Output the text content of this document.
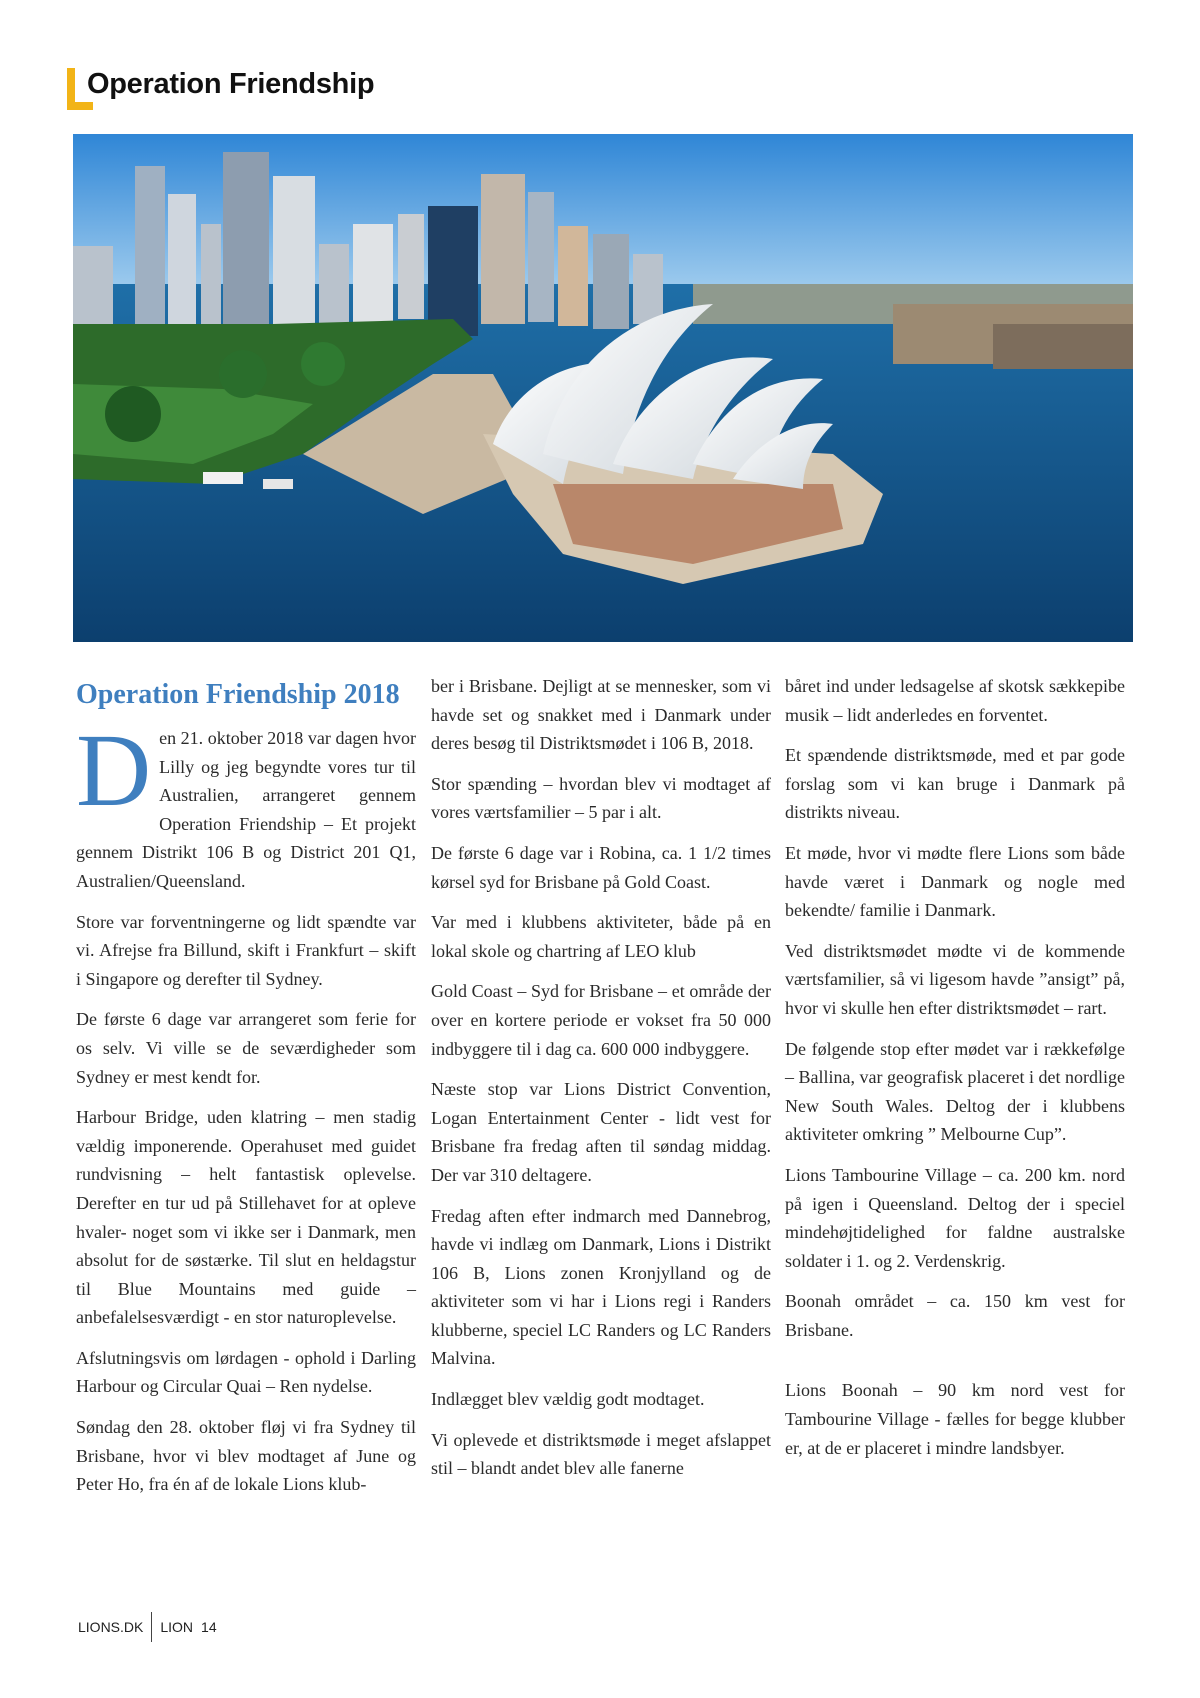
Operation Friendship
Operation Friendship 2018

Den 21. oktober 2018 var dagen hvor Lilly og jeg begyndte vores tur til Australien, arrangeret gennem Operation Friendship – Et projekt gennem Distrikt 106 B og District 201 Q1, Australien/Queensland.

Store var forventningerne og lidt spændte var vi. Afrejse fra Billund, skift i Frankfurt – skift i Singapore og derefter til Sydney.

De første 6 dage var arrangeret som ferie for os selv. Vi ville se de seværdigheder som Sydney er mest kendt for.

Harbour Bridge, uden klatring – men stadig vældig imponerende. Operahuset med guidet rundvisning – helt fantastisk oplevelse. Derefter en tur ud på Stillehavet for at opleve hvaler- noget som vi ikke ser i Danmark, men absolut for de søstærke. Til slut en heldagstur til Blue Mountains med guide – anbefalelsesværdigt - en stor naturoplevelse.

Afslutningsvis om lørdagen - ophold i Darling Harbour og Circular Quai – Ren nydelse.

Søndag den 28. oktober fløj vi fra Sydney til Brisbane, hvor vi blev modtaget af June og Peter Ho, fra én af de lokale Lions klub-

ber i Brisbane. Dejligt at se mennesker, som vi havde set og snakket med i Danmark under deres besøg til Distriktsmødet i 106 B, 2018.

Stor spænding – hvordan blev vi modtaget af vores værtsfamilier – 5 par i alt.

De første 6 dage var i Robina, ca. 1 1/2 times kørsel syd for Brisbane på Gold Coast.

Var med i klubbens aktiviteter, både på en lokal skole og chartring af LEO klub

Gold Coast – Syd for Brisbane – et område der over en kortere periode er vokset fra 50 000 indbyggere til i dag ca. 600 000 indbyggere.

Næste stop var Lions District Convention, Logan Entertainment Center - lidt vest for Brisbane fra fredag aften til søndag middag. Der var 310 deltagere.

Fredag aften efter indmarch med Dannebrog, havde vi indlæg om Danmark, Lions i Distrikt 106 B, Lions zonen Kronjylland og de aktiviteter som vi har i Lions regi i Randers klubberne, speciel LC Randers og LC Randers Malvina.

Indlægget blev vældig godt modtaget.

Vi oplevede et distriktsmøde i meget afslappet stil – blandt andet blev alle fanerne

båret ind under ledsagelse af skotsk sækkepibe musik – lidt anderledes en forventet.

Et spændende distriktsmøde, med et par gode forslag som vi kan bruge i Danmark på distrikts niveau.

Et møde, hvor vi mødte flere Lions som både havde været i Danmark og nogle med bekendte/ familie i Danmark.

Ved distriktsmødet mødte vi de kommende værtsfamilier, så vi ligesom havde ”ansigt” på, hvor vi skulle hen efter distriktsmødet – rart.

De følgende stop efter mødet var i rækkefølge – Ballina, var geografisk placeret i det nordlige New South Wales. Deltog der i klubbens aktiviteter omkring ” Melbourne Cup”.

Lions Tambourine Village – ca. 200 km. nord på igen i Queensland. Deltog der i speciel mindehøjtidelighed for faldne australske soldater i 1. og 2. Verdenskrig.

Boonah området – ca. 150 km vest for Brisbane.

Lions Boonah – 90 km nord vest for Tambourine Village - fælles for begge klubber er, at de er placeret i mindre landsbyer.

LIONS.DK LION 14
